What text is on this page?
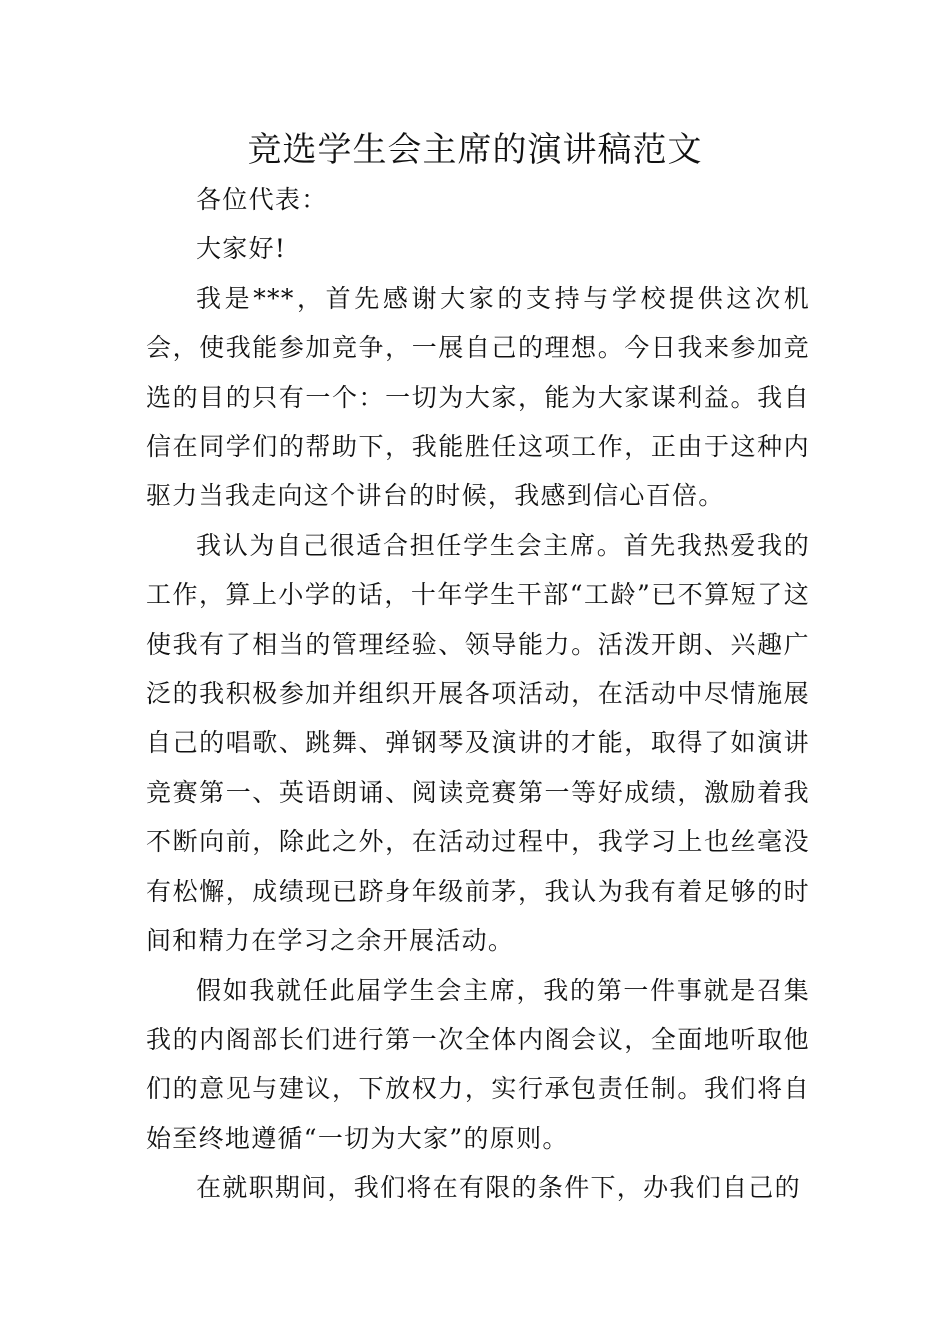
竞选学生会主席的演讲稿范文

各位代表：

大家好!

我是***，首先感谢大家的支持与学校提供这次机会，使我能参加竞争，一展自己的理想。今日我来参加竞选的目的只有一个：一切为大家，能为大家谋利益。我自信在同学们的帮助下，我能胜任这项工作，正由于这种内驱力当我走向这个讲台的时候，我感到信心百倍。

我认为自己很适合担任学生会主席。首先我热爱我的工作，算上小学的话，十年学生干部“工龄”已不算短了这使我有了相当的管理经验、领导能力。活泼开朗、兴趣广泛的我积极参加并组织开展各项活动，在活动中尽情施展自己的唱歌、跳舞、弹钢琴及演讲的才能，取得了如演讲竞赛第一、英语朗诵、阅读竞赛第一等好成绩，激励着我不断向前，除此之外，在活动过程中，我学习上也丝毫没有松懈，成绩现已跻身年级前茅，我认为我有着足够的时间和精力在学习之余开展活动。

假如我就任此届学生会主席，我的第一件事就是召集我的内阁部长们进行第一次全体内阁会议，全面地听取他们的意见与建议，下放权力，实行承包责任制。我们将自始至终地遵循“一切为大家”的原则。

在就职期间，我们将在有限的条件下，办我们自己的
